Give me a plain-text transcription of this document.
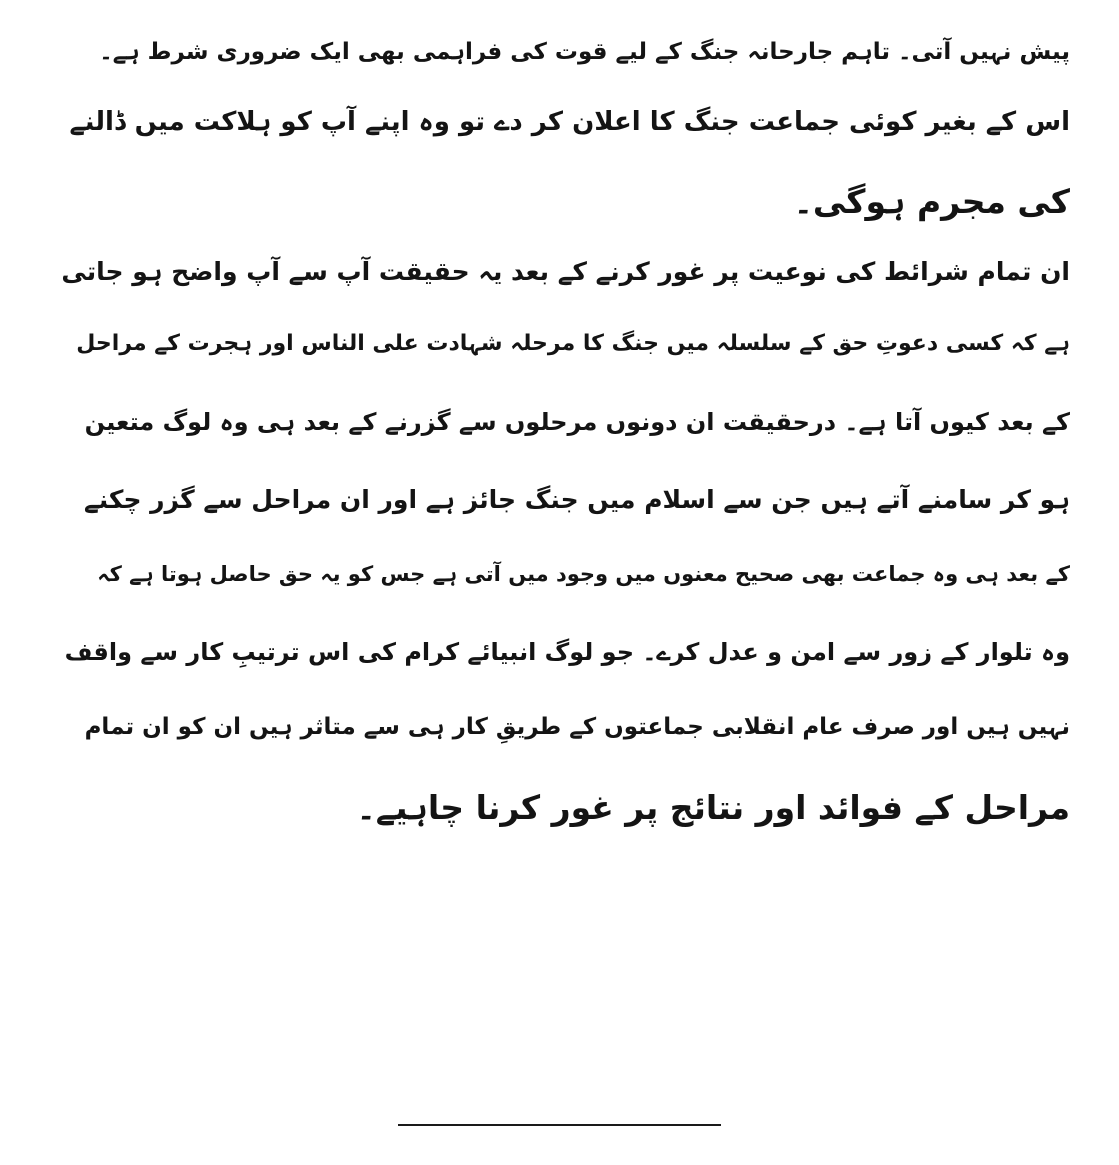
پیش نہیں آتی۔ تاہم جارحانہ جنگ کے لیے قوت کی فراہمی بھی ایک ضروری شرط ہے۔
اس کے بغیر کوئی جماعت جنگ کا اعلان کر دے تو وہ اپنے آپ کو ہلاکت میں ڈالنے
کی مجرم ہوگی۔
ان تمام شرائط کی نوعیت پر غور کرنے کے بعد یہ حقیقت آپ سے آپ واضح ہو جاتی
ہے کہ کسی دعوتِ حق کے سلسلہ میں جنگ کا مرحلہ شہادت علی الناس اور ہجرت کے مراحل
کے بعد کیوں آتا ہے۔ درحقیقت ان دونوں مرحلوں سے گزرنے کے بعد ہی وہ لوگ متعین
ہو کر سامنے آتے ہیں جن سے اسلام میں جنگ جائز ہے اور ان مراحل سے گزر چکنے
کے بعد ہی وہ جماعت بھی صحیح معنوں میں وجود میں آتی ہے جس کو یہ حق حاصل ہوتا ہے کہ
وہ تلوار کے زور سے امن و عدل کرے۔ جو لوگ انبیائے کرام کی اس ترتیبِ کار سے واقف
نہیں ہیں اور صرف عام انقلابی جماعتوں کے طریقِ کار ہی سے متاثر ہیں ان کو ان تمام
مراحل کے فوائد اور نتائج پر غور کرنا چاہیے۔
